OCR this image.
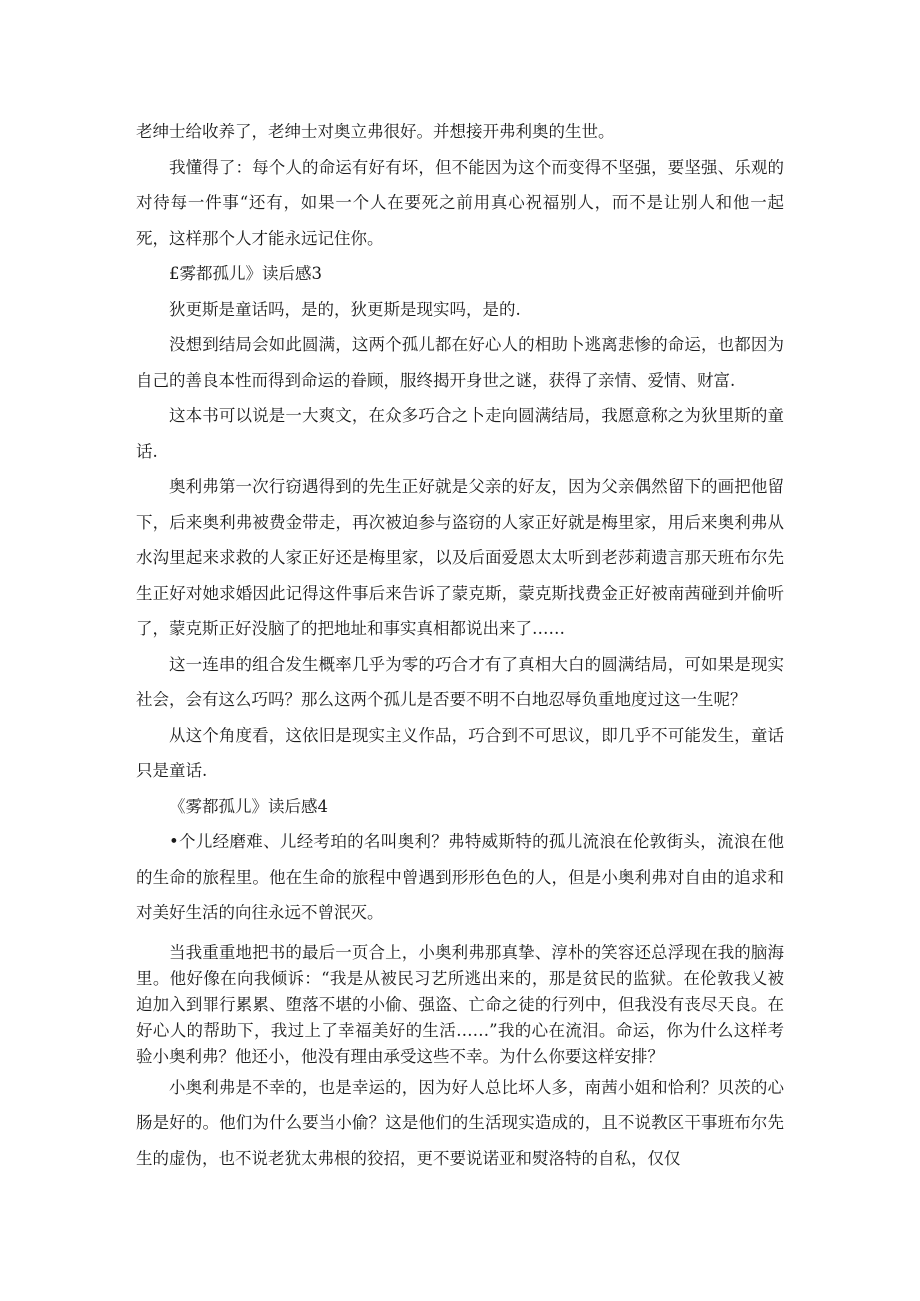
老绅士给收养了，老绅士对奥立弗很好。并想接开弗利奥的生世。

我懂得了：每个人的命运有好有坏，但不能因为这个而变得不坚强，要坚强、乐观的对待每一件事“还有，如果一个人在要死之前用真心祝福别人，而不是让别人和他一起死，这样那个人才能永远记住你。

£雾都孤儿》读后感3

狄更斯是童话吗，是的，狄更斯是现实吗，是的.

没想到结局会如此圆满，这两个孤儿都在好心人的相助卜逃离悲惨的命运，也都因为自己的善良本性而得到命运的眷顾，服终揭开身世之谜，获得了亲情、爱情、财富.

这本书可以说是一大爽文，在众多巧合之卜走向圆满结局，我愿意称之为狄里斯的童话.

奥利弗第一次行窃遇得到的先生正好就是父亲的好友，因为父亲偶然留下的画把他留下，后来奥利弗被费金带走，再次被迫参与盗窃的人家正好就是梅里家，用后来奥利弗从水沟里起来求救的人家正好还是梅里家，以及后面爱恩太太听到老莎莉遗言那天班布尔先生正好对她求婚因此记得这件事后来告诉了蒙克斯，蒙克斯找费金正好被南茜碰到并偷听了，蒙克斯正好没脑了的把地址和事实真相都说出来了……

这一连串的组合发生概率几乎为零的巧合才有了真相大白的圆满结局，可如果是现实社会，会有这么巧吗？那么这两个孤儿是否要不明不白地忍辱负重地度过这一生呢？

从这个角度看，这依旧是现实主义作品，巧合到不可思议，即几乎不可能发生，童话只是童话.

《雾都孤儿》读后感4

•个儿经磨难、儿经考珀的名叫奥利？弗特威斯特的孤儿流浪在伦敦街头，流浪在他的生命的旅程里。他在生命的旅程中曾遇到形形色色的人，但是小奥利弗对自由的追求和对美好生活的向往永远不曾泯灭。

当我重重地把书的最后一页合上，小奥利弗那真挚、淳朴的笑容还总浮现在我的脑海里。他好像在向我倾诉：“我是从被民习艺所逃出来的，那是贫民的监狱。在伦敦我乂被迫加入到罪行累累、堕落不堪的小偷、强盗、亡命之徒的行列中，但我没有丧尽天良。在好心人的帮助下，我过上了幸福美好的生活……”我的心在流泪。命运，你为什么这样考验小奥利弗？他还小，他没有理由承受这些不幸。为什么你要这样安排？

小奥利弗是不幸的，也是幸运的，因为好人总比坏人多，南茜小姐和恰利？贝茨的心肠是好的。他们为什么要当小偷？这是他们的生活现实造成的，且不说教区干事班布尔先生的虚伪，也不说老犹太弗根的狡招，更不要说诺亚和熨洛特的自私，仅仅
